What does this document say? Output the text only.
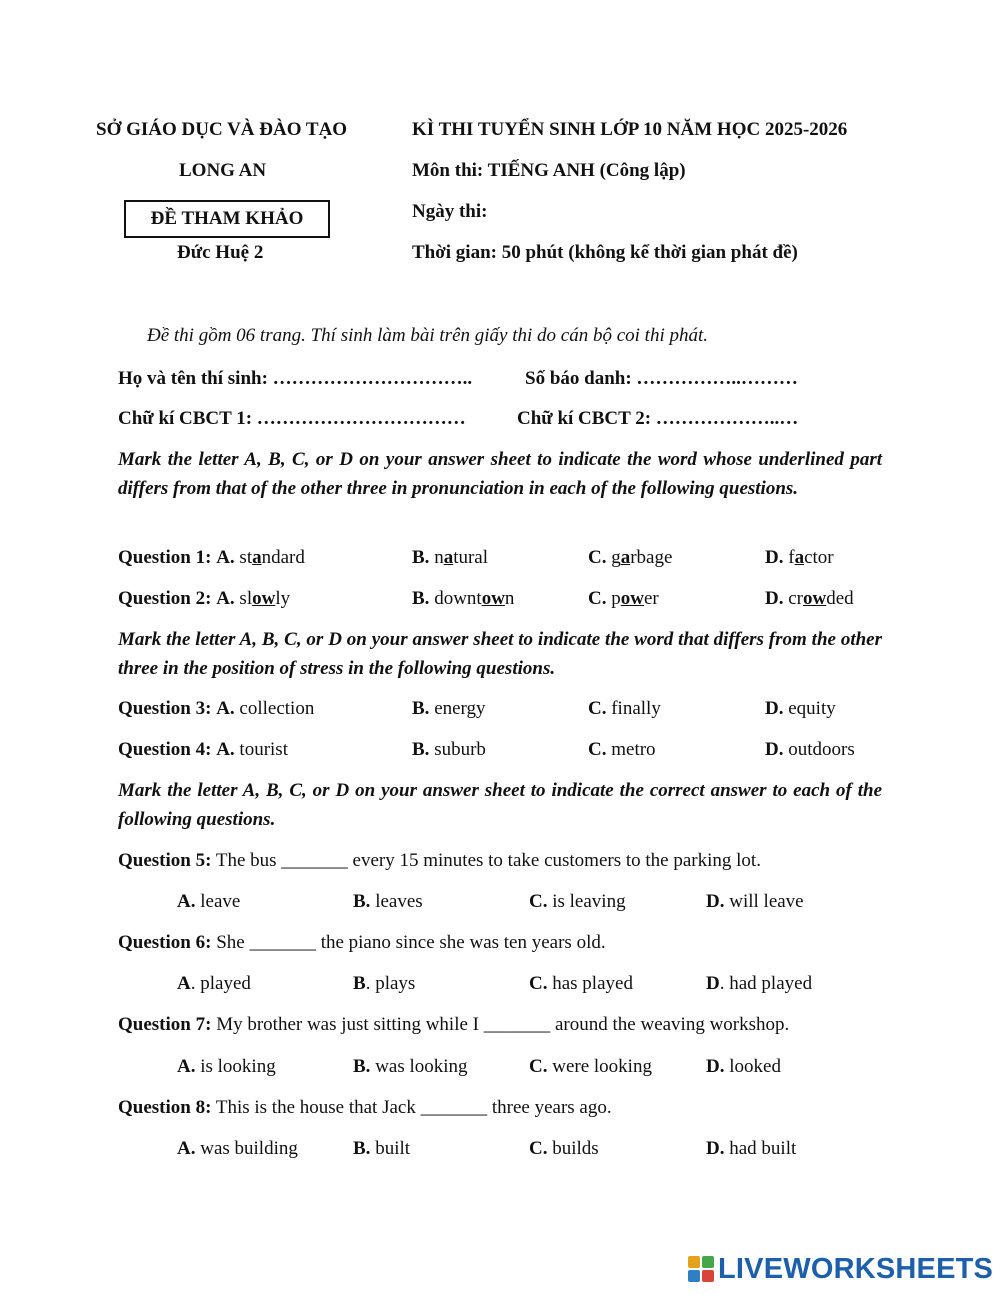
SỞ GIÁO DỤC VÀ ĐÀO TẠO
LONG AN
ĐỀ THAM KHẢO
Đức Huệ 2
KÌ THI TUYỂN SINH LỚP 10 NĂM HỌC 2025-2026
Môn thi: TIẾNG ANH (Công lập)
Ngày thi:
Thời gian: 50 phút (không kể thời gian phát đề)
Đề thi gồm 06 trang. Thí sinh làm bài trên giấy thi do cán bộ coi thi phát.
Họ và tên thí sinh: …………………………..	Số báo danh: ……………..………
Chữ kí CBCT 1: ……………………………	Chữ kí CBCT 2: ………………..…
Mark the letter A, B, C, or D on your answer sheet to indicate the word whose underlined part differs from that of the other three in pronunciation in each of the following questions.
Question 1: A. standard	B. natural	C. garbage	D. factor
Question 2: A. slowly	B. downtown	C. power	D. crowded
Mark the letter A, B, C, or D on your answer sheet to indicate the word that differs from the other three in the position of stress in the following questions.
Question 3: A. collection	B. energy	C. finally	D. equity
Question 4: A. tourist	B. suburb	C. metro	D. outdoors
Mark the letter A, B, C, or D on your answer sheet to indicate the correct answer to each of the following questions.
Question 5: The bus _______ every 15 minutes to take customers to the parking lot.
A. leave	B. leaves	C. is leaving	D. will leave
Question 6: She _______ the piano since she was ten years old.
A. played	B. plays	C. has played	D. had played
Question 7: My brother was just sitting while I _______ around the weaving workshop.
A. is looking	B. was looking	C. were looking	D. looked
Question 8: This is the house that Jack _______ three years ago.
A. was building	B. built	C. builds	D. had built
LIVEWORKSHEETS
